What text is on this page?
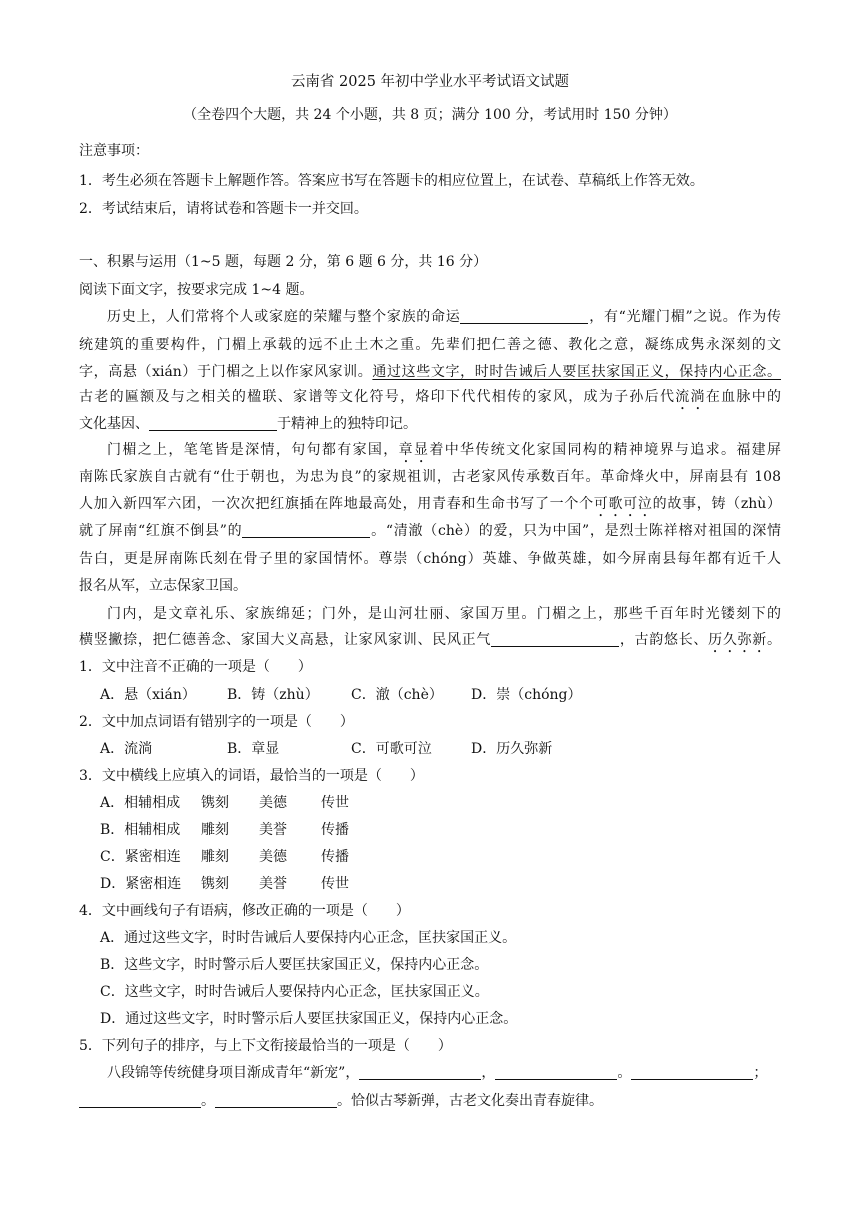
云南省 2025 年初中学业水平考试语文试题
（全卷四个大题，共 24 个小题，共 8 页；满分 100 分，考试用时 150 分钟）
注意事项：
1．考生必须在答题卡上解题作答。答案应书写在答题卡的相应位置上，在试卷、草稿纸上作答无效。
2．考试结束后，请将试卷和答题卡一并交回。
一、积累与运用（1~5 题，每题 2 分，第 6 题 6 分，共 16 分）
阅读下面文字，按要求完成 1~4 题。
历史上，人们常将个人或家庭的荣耀与整个家族的命运	，有“光耀门楣”之说。作为传
统建筑的重要构件，门楣上承载的远不止土木之重。先辈们把仁善之德、教化之意，凝练成隽永深刻的文
字，高悬（xián）于门楣之上以作家风家训。通过这些文字，时时告诫后人要匡扶家国正义，保持内心正念。
古老的匾额及与之相关的楹联、家谱等文化符号，烙印下代代相传的家风，成为子孙后代流淌在血脉中的
文化基因、	于精神上的独特印记。
门楣之上，笔笔皆是深情，句句都有家国，章显着中华传统文化家国同构的精神境界与追求。福建屏
南陈氏家族自古就有“仕于朝也，为忠为良”的家规祖训，古老家风传承数百年。革命烽火中，屏南县有 108
人加入新四军六团，一次次把红旗插在阵地最高处，用青春和生命书写了一个个可歌可泣的故事，铸（zhù）
就了屏南“红旗不倒县”的	。“清澈（chè）的爱，只为中国”，是烈士陈祥榕对祖国的深情
告白，更是屏南陈氏刻在骨子里的家国情怀。尊崇（chóng）英雄、争做英雄，如今屏南县每年都有近千人
报名从军，立志保家卫国。
门内，是文章礼乐、家族绵延；门外，是山河壮丽、家国万里。门楣之上，那些千百年时光镂刻下的
横竖撇捺，把仁德善念、家国大义高悬，让家风家训、民风正气	，古韵悠长、历久弥新。
1．文中注音不正确的一项是（　　）
A．悬（xián） B．铸（zhù） C．澈（chè） D．崇（chóng）
2．文中加点词语有错别字的一项是（　　）
A．流淌	B．章显	C．可歌可泣	D．历久弥新
3．文中横线上应填入的词语，最恰当的一项是（　　）
A．相辅相成 镌刻 美德 传世
B．相辅相成 雕刻 美誉 传播
C．紧密相连 雕刻 美德 传播
D．紧密相连 镌刻 美誉 传世
4．文中画线句子有语病，修改正确的一项是（　　）
A．通过这些文字，时时告诫后人要保持内心正念，匡扶家国正义。
B．这些文字，时时警示后人要匡扶家国正义，保持内心正念。
C．这些文字，时时告诫后人要保持内心正念，匡扶家国正义。
D．通过这些文字，时时警示后人要匡扶家国正义，保持内心正念。
5．下列句子的排序，与上下文衔接最恰当的一项是（　　）
八段锦等传统健身项目渐成青年“新宠”，	，	。	；
。	。恰似古琴新弹，古老文化奏出青春旋律。
